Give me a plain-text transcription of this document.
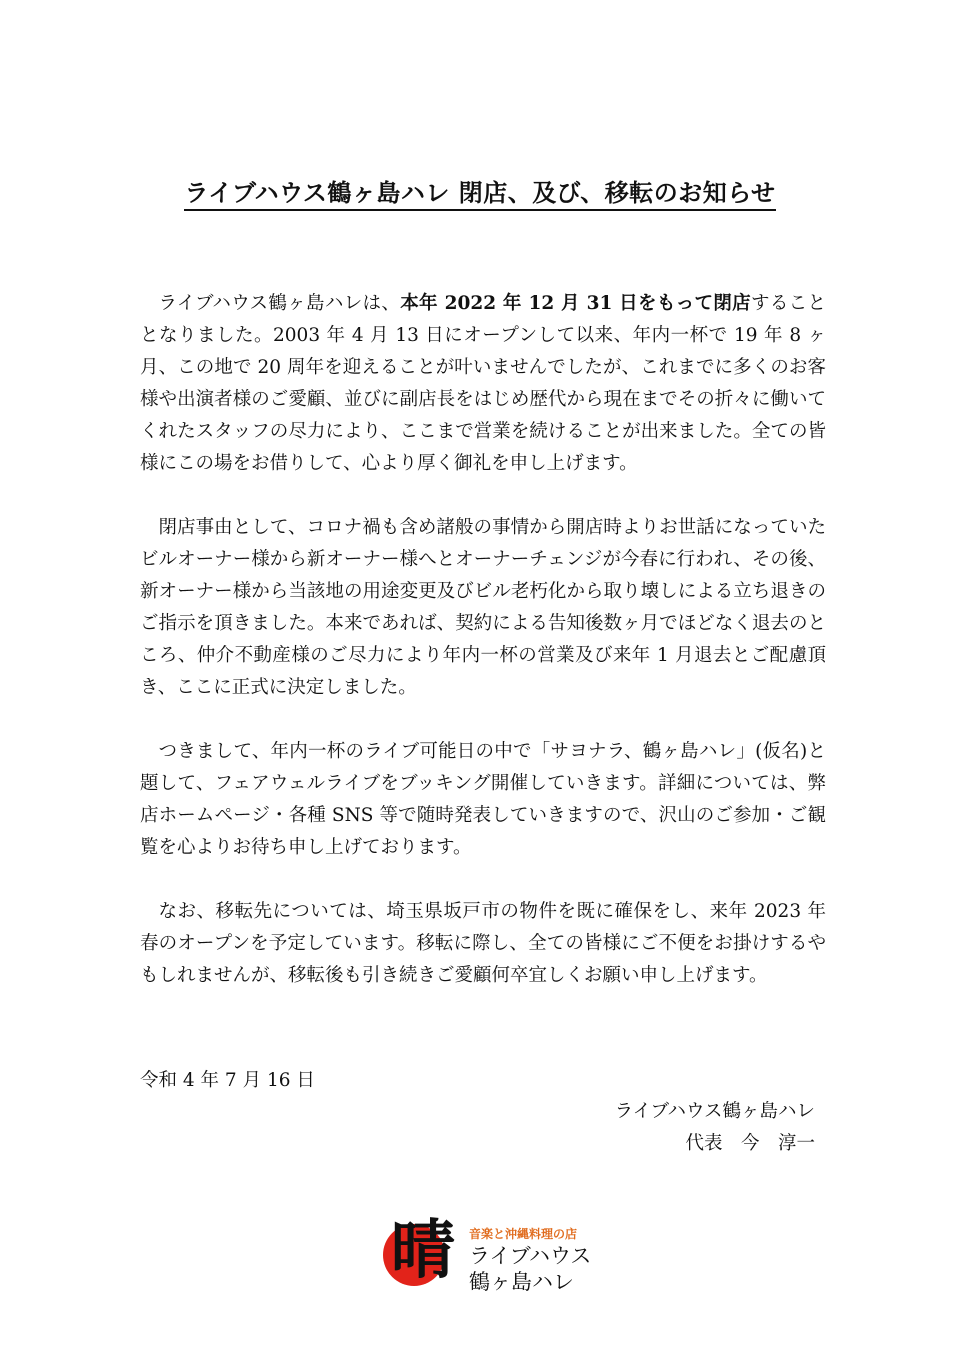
ライブハウス鶴ヶ島ハレ 閉店、及び、移転のお知らせ

ライブハウス鶴ヶ島ハレは、本年 2022 年 12 月 31 日をもって閉店することとなりました。2003 年 4 月 13 日にオープンして以来、年内一杯で 19 年 8 ヶ月、この地で 20 周年を迎えることが叶いませんでしたが、これまでに多くのお客様や出演者様のご愛顧、並びに副店長をはじめ歴代から現在までその折々に働いてくれたスタッフの尽力により、ここまで営業を続けることが出来ました。全ての皆様にこの場をお借りして、心より厚く御礼を申し上げます。

閉店事由として、コロナ禍も含め諸般の事情から開店時よりお世話になっていたビルオーナー様から新オーナー様へとオーナーチェンジが今春に行われ、その後、新オーナー様から当該地の用途変更及びビル老朽化から取り壊しによる立ち退きのご指示を頂きました。本来であれば、契約による告知後数ヶ月でほどなく退去のところ、仲介不動産様のご尽力により年内一杯の営業及び来年 1 月退去とご配慮頂き、ここに正式に決定しました。

つきまして、年内一杯のライブ可能日の中で「サヨナラ、鶴ヶ島ハレ」(仮名)と題して、フェアウェルライブをブッキング開催していきます。詳細については、弊店ホームページ・各種 SNS 等で随時発表していきますので、沢山のご参加・ご観覧を心よりお待ち申し上げております。

なお、移転先については、埼玉県坂戸市の物件を既に確保をし、来年 2023 年春のオープンを予定しています。移転に際し、全ての皆様にご不便をお掛けするやもしれませんが、移転後も引き続きご愛顧何卒宜しくお願い申し上げます。

令和 4 年 7 月 16 日
ライブハウス鶴ヶ島ハレ
代表　今　淳一
晴 音楽と沖縄料理の店
ライブハウス
鶴ヶ島ハレ
